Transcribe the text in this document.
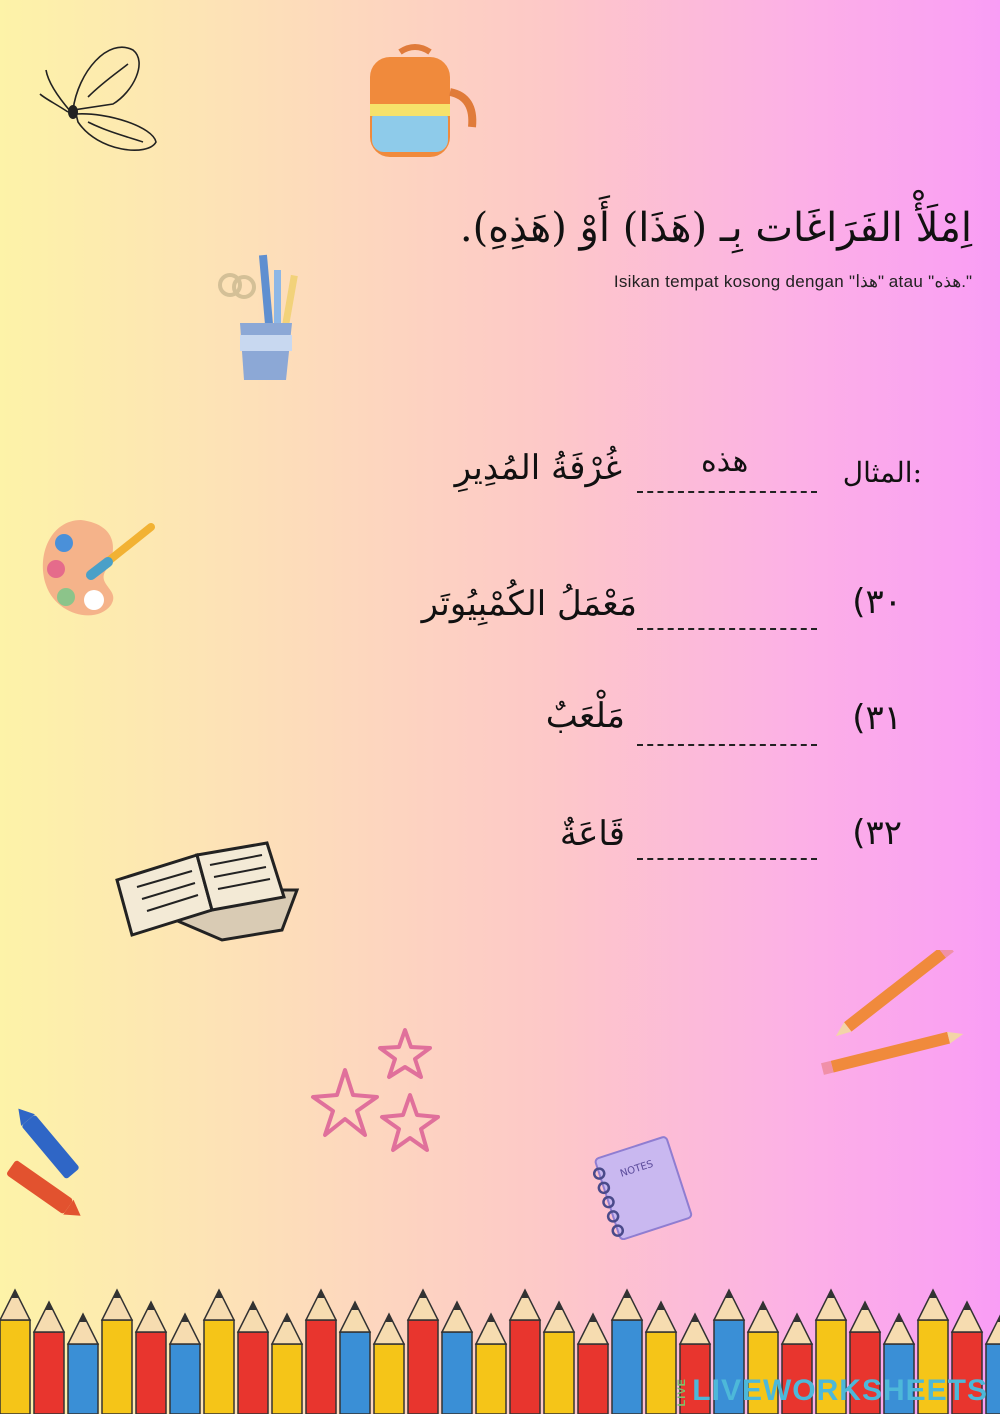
NOTES
اِمْلَأْ الفَرَاغَات بِـ (هَذَا) أَوْ (هَذِهِ).
Isikan tempat kosong dengan "هذا" atau "هذه."
المثال:
هذه
غُرْفَةُ المُدِيرِ
(٣٠
مَعْمَلُ الكُمْبِيُوتَر
(٣١
مَلْعَبٌ
(٣٢
قَاعَةٌ
LIVE LIVEWORKSHEETS
